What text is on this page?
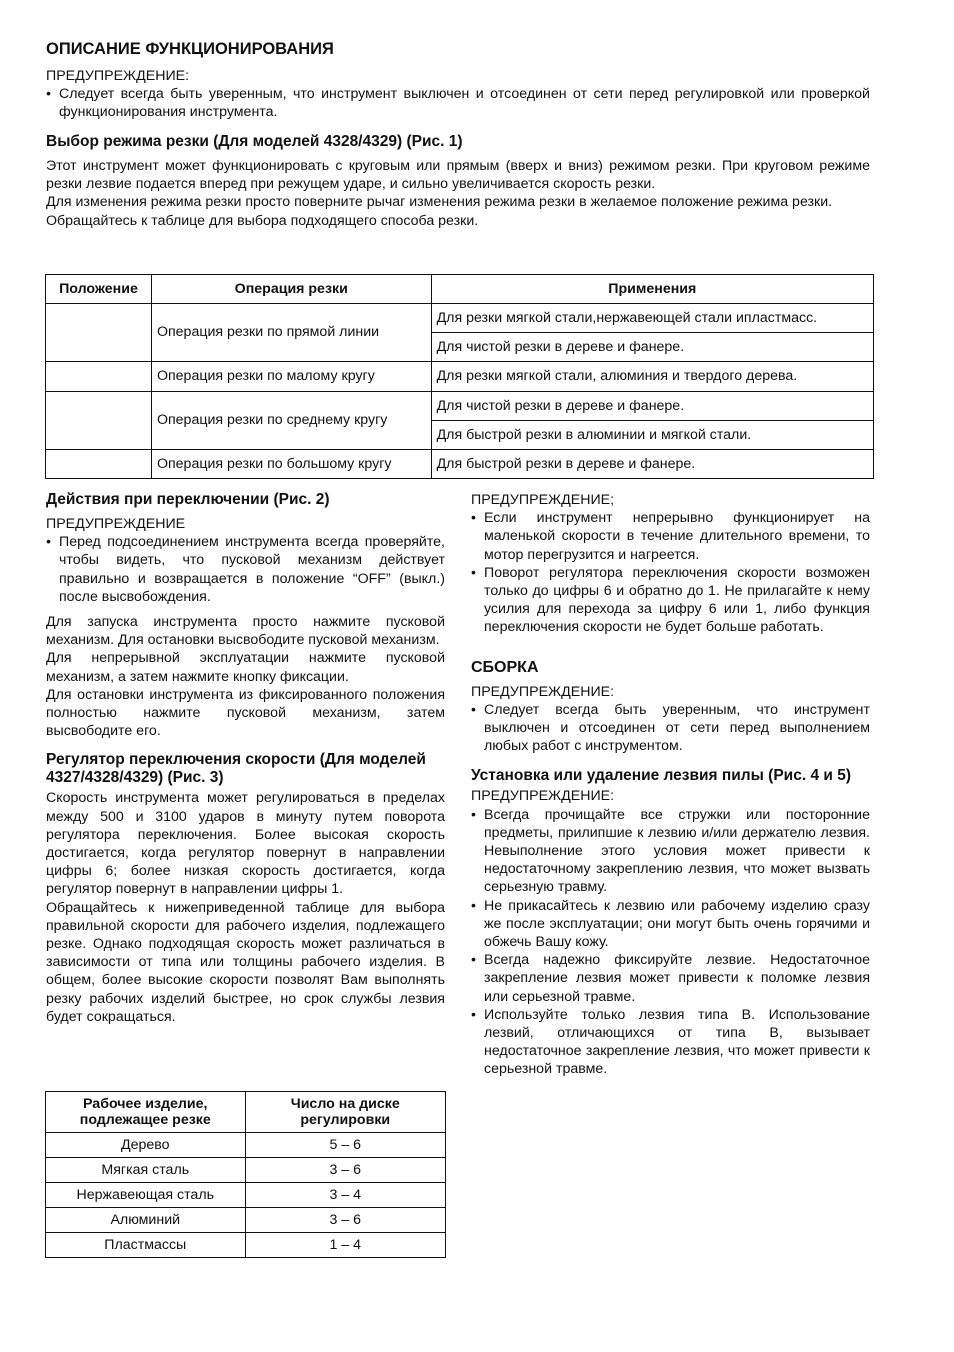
ОПИСАНИЕ ФУНКЦИОНИРОВАНИЯ

ПРЕДУПРЕЖДЕНИЕ:

• Следует всегда быть уверенным, что инструмент выключен и отсоединен от сети перед регулировкой или проверкой функционирования инструмента.
Выбор режима резки (Для моделей 4328/4329) (Рис. 1)

Этот инструмент может функционировать с круговым или прямым (вверх и вниз) режимом резки. При круговом режиме резки лезвие подается вперед при режущем ударе, и сильно увеличивается скорость резки.

Для изменения режима резки просто поверните рычаг изменения режима резки в желаемое положение режима резки.

Обращайтесь к таблице для выбора подходящего способа резки.

Положение	Операция резки	Применения
	Операция резки по прямой линии	Для резки мягкой стали,нержавеющей стали ипластмасс.
		Для чистой резки в дереве и фанере.
	Операция резки по малому кругу	Для резки мягкой стали, алюминия и твердого дерева.
	Операция резки по среднему кругу	Для чистой резки в дереве и фанере.
		Для быстрой резки в алюминии и мягкой стали.
	Операция резки по большому кругу	Для быстрой резки в дереве и фанере.
Действия при переключении (Рис. 2)

ПРЕДУПРЕЖДЕНИЕ

• Перед подсоединением инструмента всегда проверяйте, чтобы видеть, что пусковой механизм действует правильно и возвращается в положение “OFF” (выкл.) после высвобождения.

Для запуска инструмента просто нажмите пусковой механизм. Для остановки высвободите пусковой механизм.

Для непрерывной эксплуатации нажмите пусковой механизм, а затем нажмите кнопку фиксации.

Для остановки инструмента из фиксированного положения полностью нажмите пусковой механизм, затем высвободите его.

Регулятор переключения скорости (Для моделей 4327/4328/4329) (Рис. 3)

Скорость инструмента может регулироваться в пределах между 500 и 3100 ударов в минуту путем поворота регулятора переключения. Более высокая скорость достигается, когда регулятор повернут в направлении цифры 6; более низкая скорость достигается, когда регулятор повернут в направлении цифры 1.

Обращайтесь к нижеприведенной таблице для выбора правильной скорости для рабочего изделия, подлежащего резке. Однако подходящая скорость может различаться в зависимости от типа или толщины рабочего изделия. В общем, более высокие скорости позволят Вам выполнять резку рабочих изделий быстрее, но срок службы лезвия будет сокращаться.

Рабочее изделие, подлежащее резке	Число на диске регулировки
Дерево	5 – 6
Мягкая сталь	3 – 6
Нержавеющая сталь	3 – 4
Алюминий	3 – 6
Пластмассы	1 – 4

ПРЕДУПРЕЖДЕНИЕ;

• Если инструмент непрерывно функционирует на маленькой скорости в течение длительного времени, то мотор перегрузится и нагреется.
• Поворот регулятора переключения скорости возможен только до цифры 6 и обратно до 1. Не прилагайте к нему усилия для перехода за цифру 6 или 1, либо функция переключения скорости не будет больше работать.
СБОРКА

ПРЕДУПРЕЖДЕНИЕ:

• Следует всегда быть уверенным, что инструмент выключен и отсоединен от сети перед выполнением любых работ с инструментом.
Установка или удаление лезвия пилы (Рис. 4 и 5)

ПРЕДУПРЕЖДЕНИЕ:

• Всегда прочищайте все стружки или посторонние предметы, прилипшие к лезвию и/или держателю лезвия. Невыполнение этого условия может привести к недостаточному закреплению лезвия, что может вызвать серьезную травму.
• Не прикасайтесь к лезвию или рабочему изделию сразу же после эксплуатации; они могут быть очень горячими и обжечь Вашу кожу.
• Всегда надежно фиксируйте лезвие. Недостаточное закрепление лезвия может привести к поломке лезвия или серьезной травме.
• Используйте только лезвия типа В. Использование лезвий, отличающихся от типа В, вызывает недостаточное закрепление лезвия, что может привести к серьезной травме.
